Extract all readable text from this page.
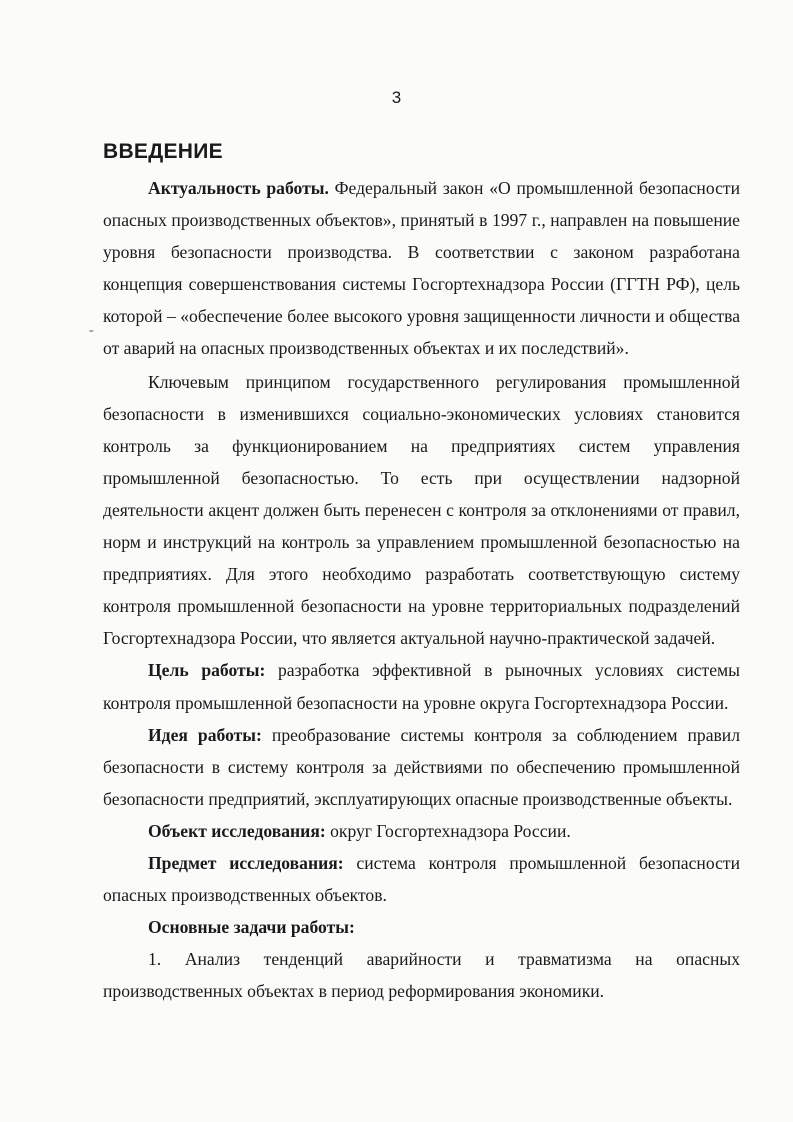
3
-
ВВЕДЕНИЕ

Актуальность работы. Федеральный закон «О промышленной безопасности опасных производственных объектов», принятый в 1997 г., направлен на повышение уровня безопасности производства. В соответствии с законом разработана концепция совершенствования системы Госгортехнадзора России (ГГТН РФ), цель которой – «обеспечение более высокого уровня защищенности личности и общества от аварий на опасных производственных объектах и их последствий».

Ключевым принципом государственного регулирования промышленной безопасности в изменившихся социально-экономических условиях становится контроль за функционированием на предприятиях систем управления промышленной безопасностью. То есть при осуществлении надзорной деятельности акцент должен быть перенесен с контроля за отклонениями от правил, норм и инструкций на контроль за управлением промышленной безопасностью на предприятиях. Для этого необходимо разработать соответствующую систему контроля промышленной безопасности на уровне территориальных подразделений Госгортехнадзора России, что является актуальной научно-практической задачей.

Цель работы: разработка эффективной в рыночных условиях системы контроля промышленной безопасности на уровне округа Госгортехнадзора России.

Идея работы: преобразование системы контроля за соблюдением правил безопасности в систему контроля за действиями по обеспечению промышленной безопасности предприятий, эксплуатирующих опасные производственные объекты.

Объект исследования: округ Госгортехнадзора России.

Предмет исследования: система контроля промышленной безопасности опасных производственных объектов.

Основные задачи работы:

1. Анализ тенденций аварийности и травматизма на опасных производственных объектах в период реформирования экономики.
